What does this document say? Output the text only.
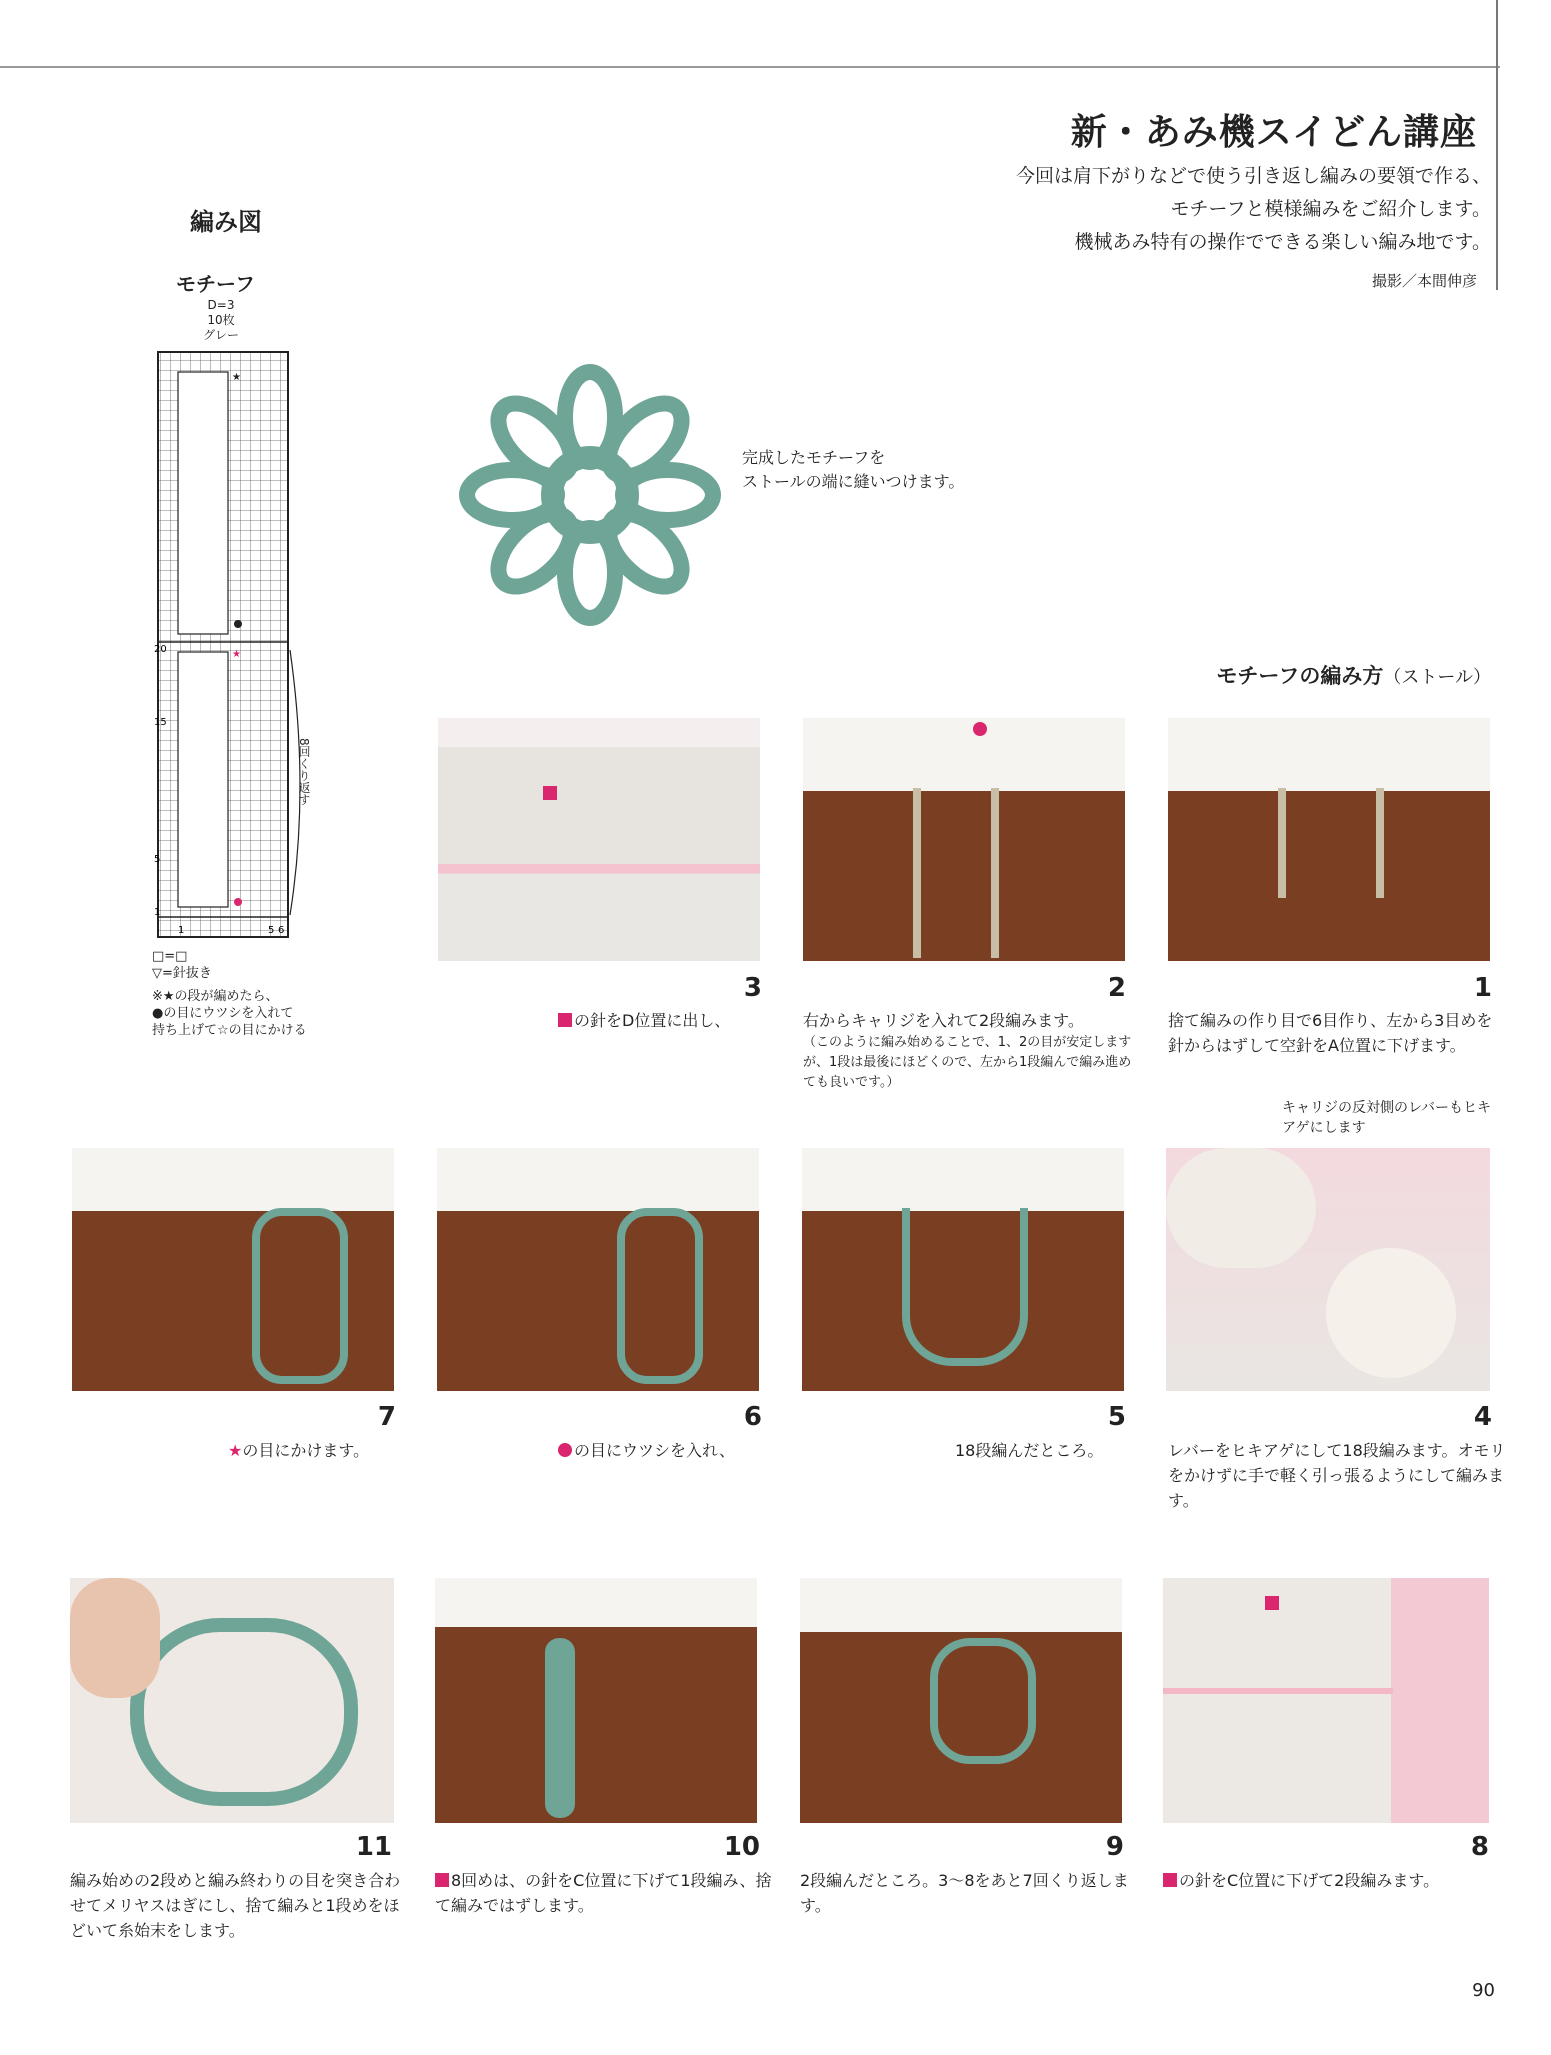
新・あみ機スイどん講座
今回は肩下がりなどで使う引き返し編みの要領で作る、
モチーフと模様編みをご紹介します。
機械あみ特有の操作でできる楽しい編み地です。
撮影／本間伸彦
編み図
モチーフ
D=3
10枚
グレー
★
★
20
15
5
1
1	5 6
8回くり返す
□=□
▽=針抜き
※★の段が編めたら、
●の目にウツシを入れて
持ち上げて☆の目にかける
完成したモチーフを
ストールの端に縫いつけます。
モチーフの編み方（ストール）
3
の針をD位置に出し、
2
右からキャリジを入れて2段編みます。
（このように編み始めることで、1、2の目が安定しますが、1段は最後にほどくので、左から1段編んで編み進めても良いです。）
1
捨て編みの作り目で6目作り、左から3目めを針からはずして空針をA位置に下げます。
キャリジの反対側のレバーもヒキアゲにします
7
★の目にかけます。
6
の目にウツシを入れ、
5
18段編んだところ。
4
レバーをヒキアゲにして18段編みます。オモリをかけずに手で軽く引っ張るようにして編みます。
11
編み始めの2段めと編み終わりの目を突き合わせてメリヤスはぎにし、捨て編みと1段めをほどいて糸始末をします。
10
8回めは、の針をC位置に下げて1段編み、捨て編みではずします。
9
2段編んだところ。3〜8をあと7回くり返します。
8
の針をC位置に下げて2段編みます。
90
